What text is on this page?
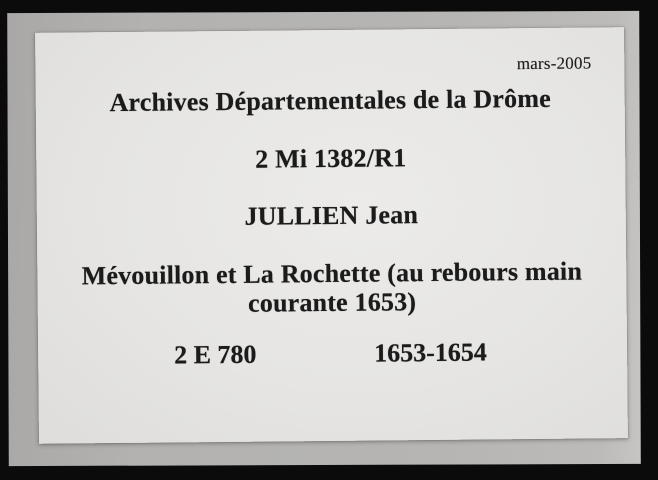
mars-2005
Archives Départementales de la Drôme
2 Mi 1382/R1
JULLIEN Jean
Mévouillon et La Rochette (au rebours main
courante 1653)
2 E 780	1653-1654
